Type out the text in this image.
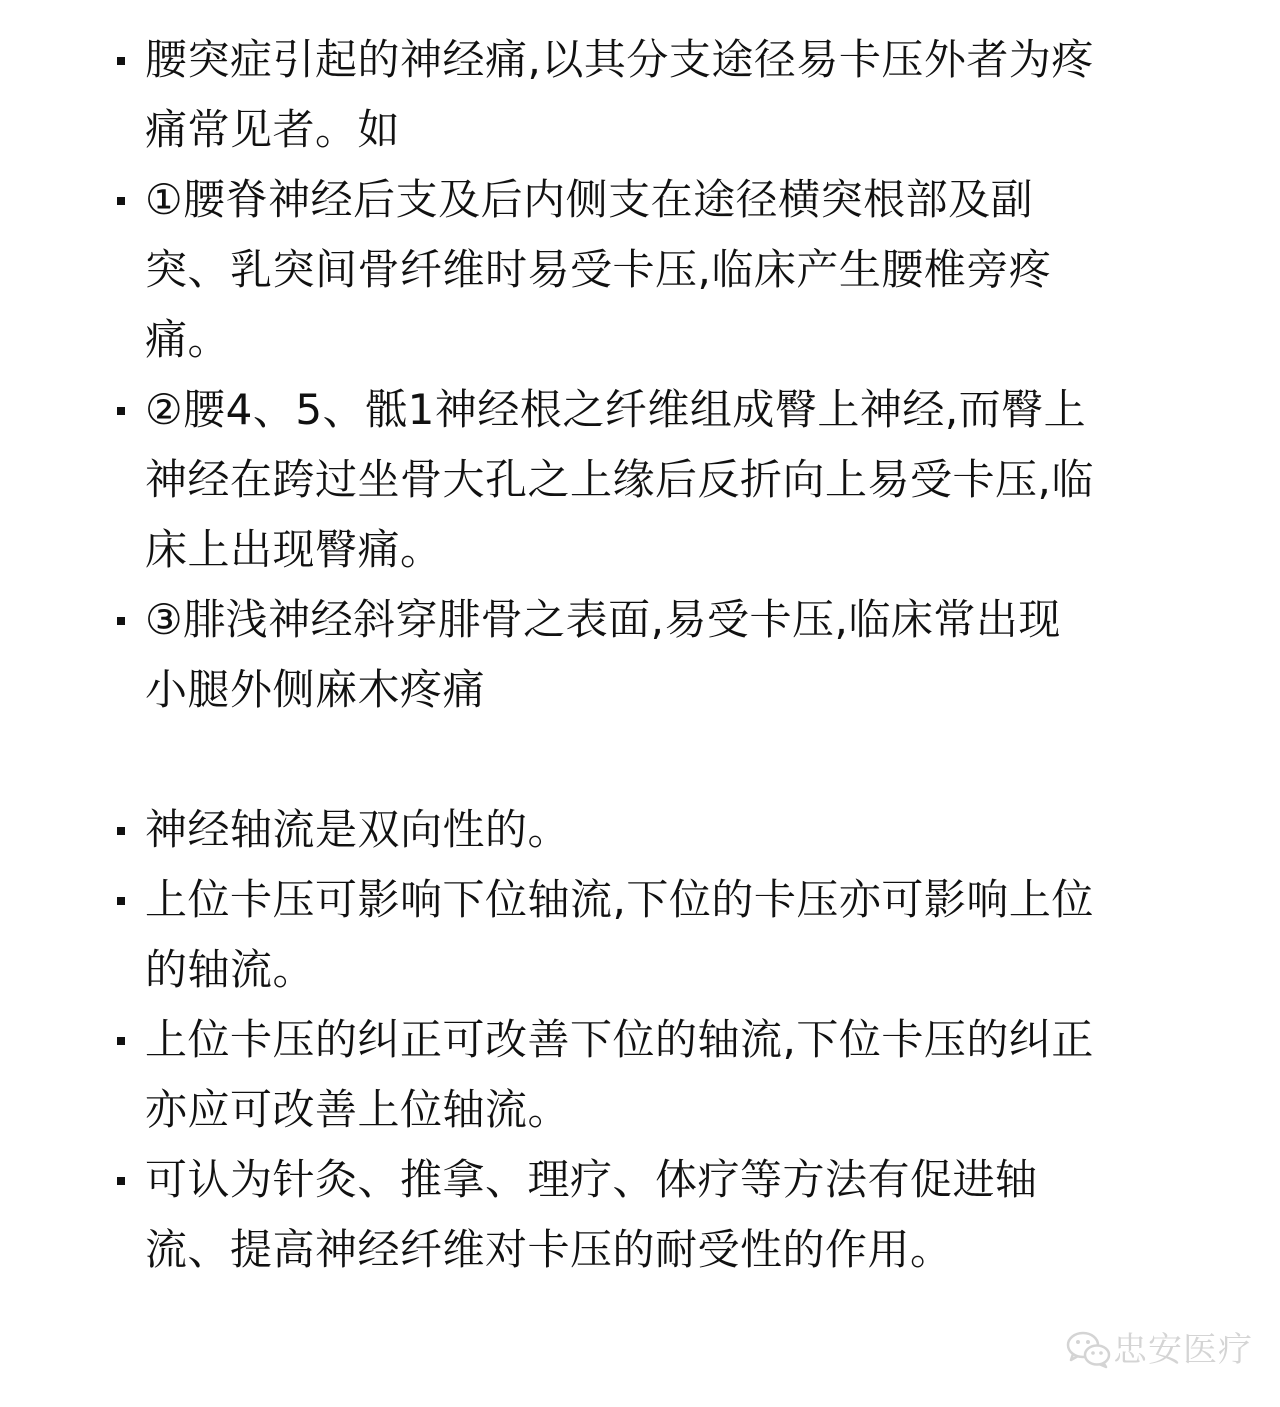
腰突症引起的神经痛,以其分支途径易卡压外者为疼
痛常见者。如
①腰脊神经后支及后内侧支在途径横突根部及副
突、乳突间骨纤维时易受卡压,临床产生腰椎旁疼
痛。
②腰4、5、骶1神经根之纤维组成臀上神经,而臀上
神经在跨过坐骨大孔之上缘后反折向上易受卡压,临
床上出现臀痛。
③腓浅神经斜穿腓骨之表面,易受卡压,临床常出现
小腿外侧麻木疼痛
神经轴流是双向性的。
上位卡压可影响下位轴流,下位的卡压亦可影响上位
的轴流。
上位卡压的纠正可改善下位的轴流,下位卡压的纠正
亦应可改善上位轴流。
可认为针灸、推拿、理疗、体疗等方法有促进轴
流、提高神经纤维对卡压的耐受性的作用。
忠安医疗
